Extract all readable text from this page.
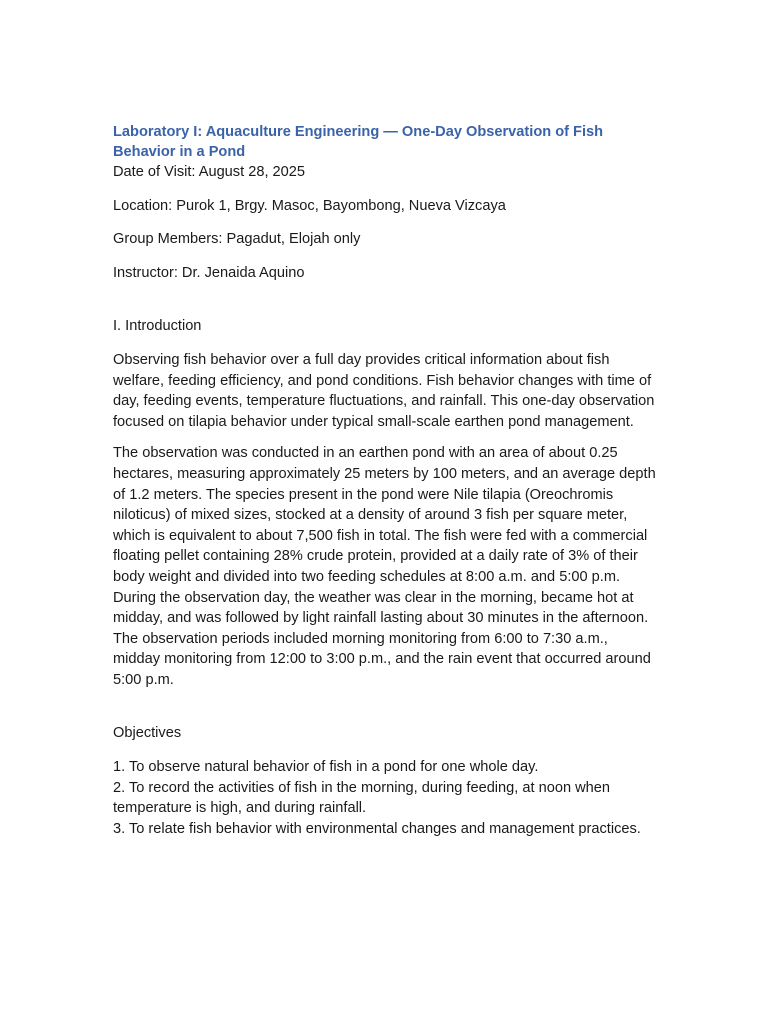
Laboratory I: Aquaculture Engineering — One-Day Observation of Fish Behavior in a Pond

Date of Visit: August 28, 2025

Location: Purok 1, Brgy. Masoc, Bayombong, Nueva Vizcaya

Group Members: Pagadut, Elojah only

Instructor: Dr. Jenaida Aquino

I. Introduction

Observing fish behavior over a full day provides critical information about fish welfare, feeding efficiency, and pond conditions. Fish behavior changes with time of day, feeding events, temperature fluctuations, and rainfall. This one-day observation focused on tilapia behavior under typical small-scale earthen pond management.

The observation was conducted in an earthen pond with an area of about 0.25 hectares, measuring approximately 25 meters by 100 meters, and an average depth of 1.2 meters. The species present in the pond were Nile tilapia (Oreochromis niloticus) of mixed sizes, stocked at a density of around 3 fish per square meter, which is equivalent to about 7,500 fish in total. The fish were fed with a commercial floating pellet containing 28% crude protein, provided at a daily rate of 3% of their body weight and divided into two feeding schedules at 8:00 a.m. and 5:00 p.m. During the observation day, the weather was clear in the morning, became hot at midday, and was followed by light rainfall lasting about 30 minutes in the afternoon. The observation periods included morning monitoring from 6:00 to 7:30 a.m., midday monitoring from 12:00 to 3:00 p.m., and the rain event that occurred around 5:00 p.m.

Objectives

1. To observe natural behavior of fish in a pond for one whole day.
2. To record the activities of fish in the morning, during feeding, at noon when temperature is high, and during rainfall.
3. To relate fish behavior with environmental changes and management practices.
